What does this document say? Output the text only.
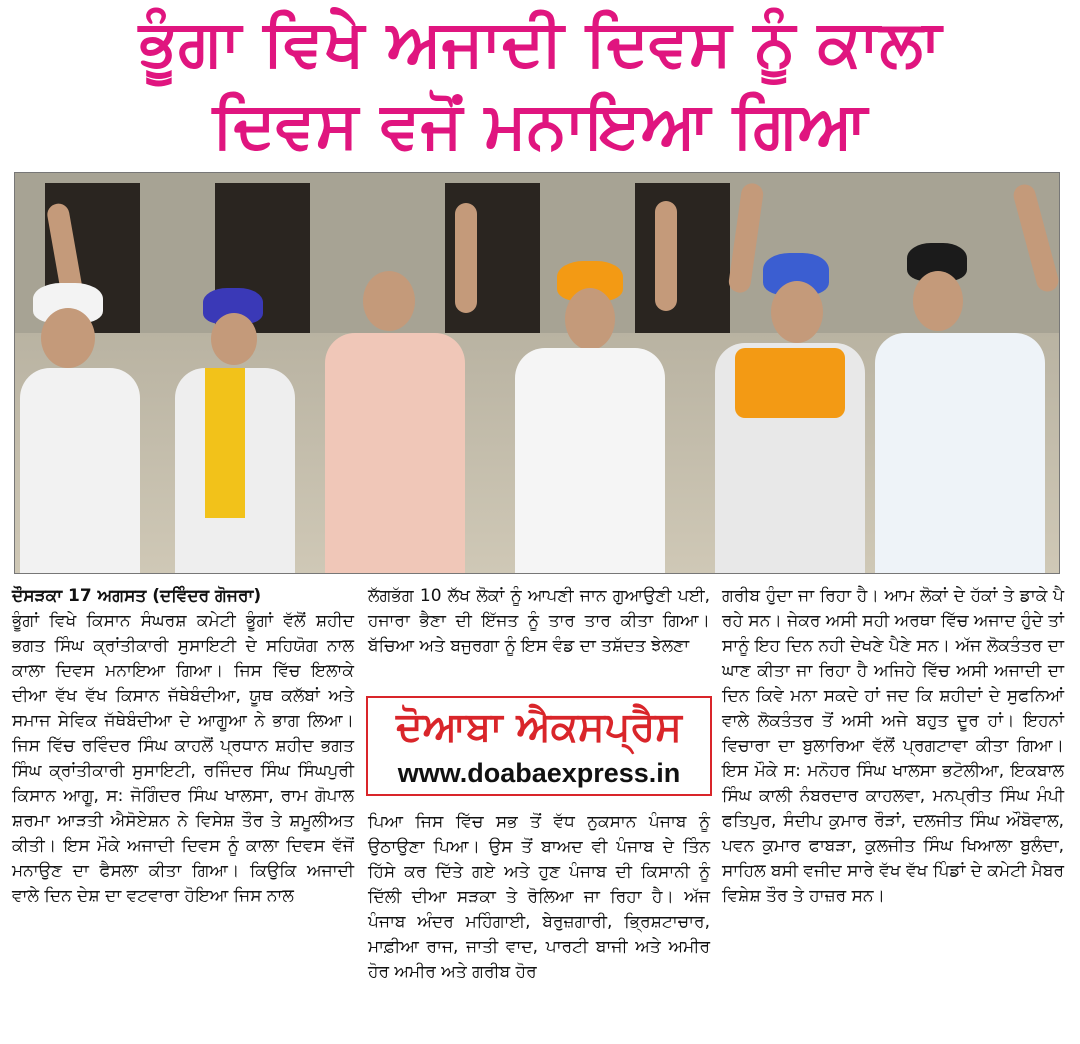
ਭੂੰਗਾ ਵਿਖੇ ਅਜਾਦੀ ਦਿਵਸ ਨੂੰ ਕਾਲਾ
ਦਿਵਸ ਵਜੋਂ ਮਨਾਇਆ ਗਿਆ

ਦੌਸੜਕਾ 17 ਅਗਸਤ (ਦਵਿੰਦਰ ਗੋਜਰਾ)

ਭੂੰਗਾਂ ਵਿਖੇ ਕਿਸਾਨ ਸੰਘਰਸ਼ ਕਮੇਟੀ ਭੂੰਗਾਂ ਵੱਲੋਂ ਸ਼ਹੀਦ ਭਗਤ ਸਿੰਘ ਕ੍ਰਾਂਤੀਕਾਰੀ ਸੁਸਾਇਟੀ ਦੇ ਸਹਿਯੋਗ ਨਾਲ ਕਾਲਾ ਦਿਵਸ ਮਨਾਇਆ ਗਿਆ। ਜਿਸ ਵਿੱਚ ਇਲਾਕੇ ਦੀਆ ਵੱਖ ਵੱਖ ਕਿਸਾਨ ਜੱਥੇਬੰਦੀਆ, ਯੂਥ ਕਲੱਬਾਂ ਅਤੇ ਸਮਾਜ ਸੇਵਿਕ ਜੱਥੇਬੰਦੀਆ ਦੇ ਆਗੂਆ ਨੇ ਭਾਗ ਲਿਆ। ਜਿਸ ਵਿੱਚ ਰਵਿੰਦਰ ਸਿੰਘ ਕਾਹਲੋਂ ਪ੍ਰਧਾਨ ਸ਼ਹੀਦ ਭਗਤ ਸਿੰਘ ਕ੍ਰਾਂਤੀਕਾਰੀ ਸੁਸਾਇਟੀ, ਰਜਿੰਦਰ ਸਿੰਘ ਸਿੰਘਪੁਰੀ ਕਿਸਾਨ ਆਗੂ, ਸ: ਜੋਗਿੰਦਰ ਸਿੰਘ ਖਾਲਸਾ, ਰਾਮ ਗੋਪਾਲ ਸ਼ਰਮਾ ਆੜਤੀ ਐਸੋਏਸ਼ਨ ਨੇ ਵਿਸੇਸ਼ ਤੌਰ ਤੇ ਸ਼ਮੂਲੀਅਤ ਕੀਤੀ। ਇਸ ਮੌਕੇ ਅਜਾਦੀ ਦਿਵਸ ਨੂੰ ਕਾਲਾ ਦਿਵਸ ਵੱਜੋਂ ਮਨਾਉਣ ਦਾ ਫੈਸਲਾ ਕੀਤਾ ਗਿਆ। ਕਿਉਕਿ ਅਜਾਦੀ ਵਾਲੇ ਦਿਨ ਦੇਸ਼ ਦਾ ਵਟਵਾਰਾ ਹੋਇਆ ਜਿਸ ਨਾਲ

ਲੱਗਭੱਗ 10 ਲੱਖ ਲੋਕਾਂ ਨੂੰ ਆਪਣੀ ਜਾਨ ਗੁਆਉਣੀ ਪਈ, ਹਜਾਰਾ ਭੈਣਾ ਦੀ ਇੱਜਤ ਨੂੰ ਤਾਰ ਤਾਰ ਕੀਤਾ ਗਿਆ। ਬੱਚਿਆ ਅਤੇ ਬਜੁਰਗਾ ਨੂੰ ਇਸ ਵੰਡ ਦਾ ਤਸ਼ੱਦਤ ਝੇਲਣਾ

ਦੋਆਬਾ ਐਕਸਪ੍ਰੈਸ
www.doabaexpress.in

ਪਿਆ ਜਿਸ ਵਿੱਚ ਸਭ ਤੋਂ ਵੱਧ ਨੁਕਸਾਨ ਪੰਜਾਬ ਨੂੰ ਉਠਾਉਣਾ ਪਿਆ। ਉਸ ਤੋਂ ਬਾਅਦ ਵੀ ਪੰਜਾਬ ਦੇ ਤਿੰਨ ਹਿੱਸੇ ਕਰ ਦਿੱਤੇ ਗਏ ਅਤੇ ਹੁਣ ਪੰਜਾਬ ਦੀ ਕਿਸਾਨੀ ਨੂੰ ਦਿੱਲੀ ਦੀਆ ਸੜਕਾ ਤੇ ਰੋਲਿਆ ਜਾ ਰਿਹਾ ਹੈ। ਅੱਜ ਪੰਜਾਬ ਅੰਦਰ ਮਹਿੰਗਾਈ, ਬੇਰੁਜ਼ਗਾਰੀ, ਭ੍ਰਿਸ਼ਟਾਚਾਰ, ਮਾਫ਼ੀਆ ਰਾਜ, ਜਾਤੀ ਵਾਦ, ਪਾਰਟੀ ਬਾਜੀ ਅਤੇ ਅਮੀਰ ਹੋਰ ਅਮੀਰ ਅਤੇ ਗਰੀਬ ਹੋਰ

ਗਰੀਬ ਹੁੰਦਾ ਜਾ ਰਿਹਾ ਹੈ। ਆਮ ਲੋਕਾਂ ਦੇ ਹੱਕਾਂ ਤੇ ਡਾਕੇ ਪੈ ਰਹੇ ਸਨ। ਜੇਕਰ ਅਸੀ ਸਹੀ ਅਰਥਾ ਵਿੱਚ ਅਜਾਦ ਹੁੰਦੇ ਤਾਂ ਸਾਨੂੰ ਇਹ ਦਿਨ ਨਹੀ ਦੇਖਣੇ ਪੈਣੇ ਸਨ। ਅੱਜ ਲੋਕਤੰਤਰ ਦਾ ਘਾਣ ਕੀਤਾ ਜਾ ਰਿਹਾ ਹੈ ਅਜਿਹੇ ਵਿੱਚ ਅਸੀ ਅਜਾਦੀ ਦਾ ਦਿਨ ਕਿਵੇ ਮਨਾ ਸਕਦੇ ਹਾਂ ਜਦ ਕਿ ਸ਼ਹੀਦਾਂ ਦੇ ਸੁਫਨਿਆਂ ਵਾਲੇ ਲੋਕਤੰਤਰ ਤੋਂ ਅਸੀ ਅਜੇ ਬਹੁਤ ਦੂਰ ਹਾਂ। ਇਹਨਾਂ ਵਿਚਾਰਾ ਦਾ ਬੁਲਾਰਿਆ ਵੱਲੋਂ ਪ੍ਰਗਟਾਵਾ ਕੀਤਾ ਗਿਆ। ਇਸ ਮੌਕੇ ਸ: ਮਨੋਹਰ ਸਿੰਘ ਖਾਲਸਾ ਭਟੋਲੀਆ, ਇਕਬਾਲ ਸਿੰਘ ਕਾਲੀ ਨੰਬਰਦਾਰ ਕਾਹਲਵਾ, ਮਨਪ੍ਰੀਤ ਸਿੰਘ ਮੰਪੀ ਫਤਿਪੁਰ, ਸੰਦੀਪ ਕੁਮਾਰ ਰੌੜਾਂ, ਦਲਜੀਤ ਸਿੰਘ ਔਬੋਵਾਲ, ਪਵਨ ਕੁਮਾਰ ਫਾਬੜਾ, ਕੁਲਜੀਤ ਸਿੰਘ ਖਿਆਲਾ ਬੁਲੰਦਾ, ਸਾਹਿਲ ਬਸੀ ਵਜੀਦ ਸਾਰੇ ਵੱਖ ਵੱਖ ਪਿੰਡਾਂ ਦੇ ਕਮੇਟੀ ਮੈਬਰ ਵਿਸ਼ੇਸ਼ ਤੌਰ ਤੇ ਹਾਜ਼ਰ ਸਨ।
